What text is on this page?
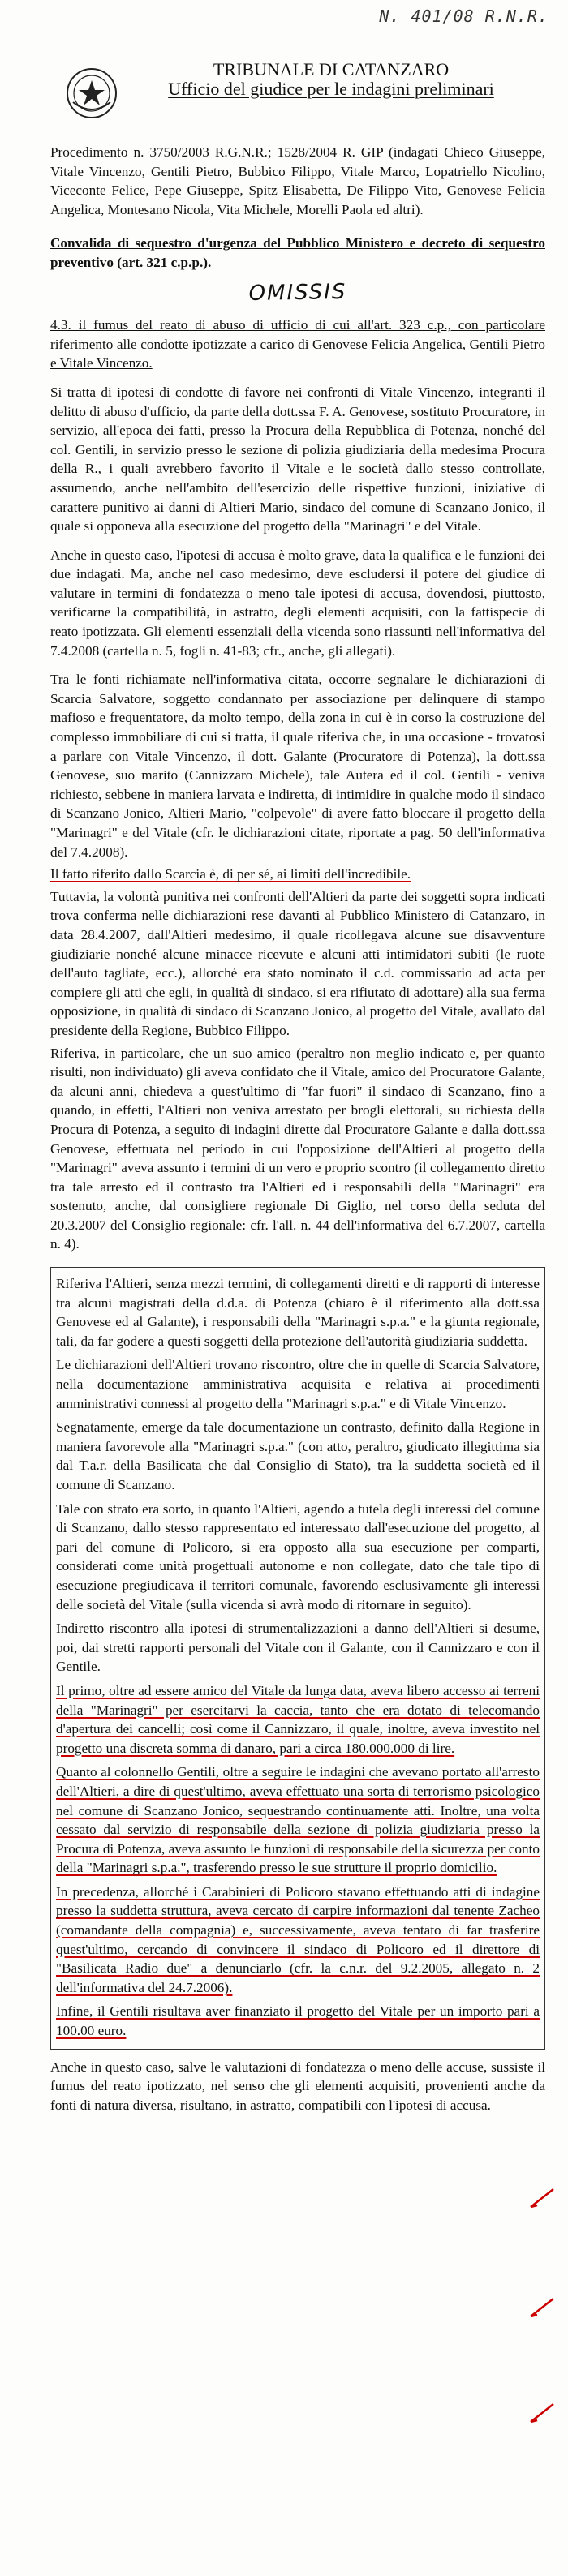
N. 401/08 R.N.R.
TRIBUNALE DI CATANZARO
Ufficio del giudice per le indagini preliminari

Procedimento n. 3750/2003 R.G.N.R.; 1528/2004 R. GIP (indagati Chieco Giuseppe, Vitale Vincenzo, Gentili Pietro, Bubbico Filippo, Vitale Marco, Lopatriello Nicolino, Viceconte Felice, Pepe Giuseppe, Spitz Elisabetta, De Filippo Vito, Genovese Felicia Angelica, Montesano Nicola, Vita Michele, Morelli Paola ed altri).

Convalida di sequestro d'urgenza del Pubblico Ministero e decreto di sequestro preventivo (art. 321 c.p.p.).

OMISSIS

4.3. il fumus del reato di abuso di ufficio di cui all'art. 323 c.p., con particolare riferimento alle condotte ipotizzate a carico di Genovese Felicia Angelica, Gentili Pietro e Vitale Vincenzo.

Si tratta di ipotesi di condotte di favore nei confronti di Vitale Vincenzo, integranti il delitto di abuso d'ufficio, da parte della dott.ssa F. A. Genovese, sostituto Procuratore, in servizio, all'epoca dei fatti, presso la Procura della Repubblica di Potenza, nonché del col. Gentili, in servizio presso le sezione di polizia giudiziaria della medesima Procura della R., i quali avrebbero favorito il Vitale e le società dallo stesso controllate, assumendo, anche nell'ambito dell'esercizio delle rispettive funzioni, iniziative di carattere punitivo ai danni di Altieri Mario, sindaco del comune di Scanzano Jonico, il quale si opponeva alla esecuzione del progetto della "Marinagri" e del Vitale.

Anche in questo caso, l'ipotesi di accusa è molto grave, data la qualifica e le funzioni dei due indagati. Ma, anche nel caso medesimo, deve escludersi il potere del giudice di valutare in termini di fondatezza o meno tale ipotesi di accusa, dovendosi, piuttosto, verificarne la compatibilità, in astratto, degli elementi acquisiti, con la fattispecie di reato ipotizzata. Gli elementi essenziali della vicenda sono riassunti nell'informativa del 7.4.2008 (cartella n. 5, fogli n. 41-83; cfr., anche, gli allegati).

Tra le fonti richiamate nell'informativa citata, occorre segnalare le dichiarazioni di Scarcia Salvatore, soggetto condannato per associazione per delinquere di stampo mafioso e frequentatore, da molto tempo, della zona in cui è in corso la costruzione del complesso immobiliare di cui si tratta, il quale riferiva che, in una occasione - trovatosi a parlare con Vitale Vincenzo, il dott. Galante (Procuratore di Potenza), la dott.ssa Genovese, suo marito (Cannizzaro Michele), tale Autera ed il col. Gentili - veniva richiesto, sebbene in maniera larvata e indiretta, di intimidire in qualche modo il sindaco di Scanzano Jonico, Altieri Mario, "colpevole" di avere fatto bloccare il progetto della "Marinagri" e del Vitale (cfr. le dichiarazioni citate, riportate a pag. 50 dell'informativa del 7.4.2008).

Il fatto riferito dallo Scarcia è, di per sé, ai limiti dell'incredibile.

Tuttavia, la volontà punitiva nei confronti dell'Altieri da parte dei soggetti sopra indicati trova conferma nelle dichiarazioni rese davanti al Pubblico Ministero di Catanzaro, in data 28.4.2007, dall'Altieri medesimo, il quale ricollegava alcune sue disavventure giudiziarie nonché alcune minacce ricevute e alcuni atti intimidatori subiti (le ruote dell'auto tagliate, ecc.), allorché era stato nominato il c.d. commissario ad acta per compiere gli atti che egli, in qualità di sindaco, si era rifiutato di adottare) alla sua ferma opposizione, in qualità di sindaco di Scanzano Jonico, al progetto del Vitale, avallato dal presidente della Regione, Bubbico Filippo.

Riferiva, in particolare, che un suo amico (peraltro non meglio indicato e, per quanto risulti, non individuato) gli aveva confidato che il Vitale, amico del Procuratore Galante, da alcuni anni, chiedeva a quest'ultimo di "far fuori" il sindaco di Scanzano, fino a quando, in effetti, l'Altieri non veniva arrestato per brogli elettorali, su richiesta della Procura di Potenza, a seguito di indagini dirette dal Procuratore Galante e dalla dott.ssa Genovese, effettuata nel periodo in cui l'opposizione dell'Altieri al progetto della "Marinagri" aveva assunto i termini di un vero e proprio scontro (il collegamento diretto tra tale arresto ed il contrasto tra l'Altieri ed i responsabili della "Marinagri" era sostenuto, anche, dal consigliere regionale Di Giglio, nel corso della seduta del 20.3.2007 del Consiglio regionale: cfr. l'all. n. 44 dell'informativa del 6.7.2007, cartella n. 4).

Riferiva l'Altieri, senza mezzi termini, di collegamenti diretti e di rapporti di interesse tra alcuni magistrati della d.d.a. di Potenza (chiaro è il riferimento alla dott.ssa Genovese ed al Galante), i responsabili della "Marinagri s.p.a." e la giunta regionale, tali, da far godere a questi soggetti della protezione dell'autorità giudiziaria suddetta.

Le dichiarazioni dell'Altieri trovano riscontro, oltre che in quelle di Scarcia Salvatore, nella documentazione amministrativa acquisita e relativa ai procedimenti amministrativi connessi al progetto della "Marinagri s.p.a." e di Vitale Vincenzo.

Segnatamente, emerge da tale documentazione un contrasto, definito dalla Regione in maniera favorevole alla "Marinagri s.p.a." (con atto, peraltro, giudicato illegittima sia dal T.a.r. della Basilicata che dal Consiglio di Stato), tra la suddetta società ed il comune di Scanzano.

Tale con strato era sorto, in quanto l'Altieri, agendo a tutela degli interessi del comune di Scanzano, dallo stesso rappresentato ed interessato dall'esecuzione del progetto, al pari del comune di Policoro, si era opposto alla sua esecuzione per comparti, considerati come unità progettuali autonome e non collegate, dato che tale tipo di esecuzione pregiudicava il territori comunale, favorendo esclusivamente gli interessi delle società del Vitale (sulla vicenda si avrà modo di ritornare in seguito).

Indiretto riscontro alla ipotesi di strumentalizzazioni a danno dell'Altieri si desume, poi, dai stretti rapporti personali del Vitale con il Galante, con il Cannizzaro e con il Gentile.

Il primo, oltre ad essere amico del Vitale da lunga data, aveva libero accesso ai terreni della "Marinagri" per esercitarvi la caccia, tanto che era dotato di telecomando d'apertura dei cancelli; così come il Cannizzaro, il quale, inoltre, aveva investito nel progetto una discreta somma di danaro, pari a circa 180.000.000 di lire.

Quanto al colonnello Gentili, oltre a seguire le indagini che avevano portato all'arresto dell'Altieri, a dire di quest'ultimo, aveva effettuato una sorta di terrorismo psicologico nel comune di Scanzano Jonico, sequestrando continuamente atti. Inoltre, una volta cessato dal servizio di responsabile della sezione di polizia giudiziaria presso la Procura di Potenza, aveva assunto le funzioni di responsabile della sicurezza per conto della "Marinagri s.p.a.", trasferendo presso le sue strutture il proprio domicilio.

In precedenza, allorché i Carabinieri di Policoro stavano effettuando atti di indagine presso la suddetta struttura, aveva cercato di carpire informazioni dal tenente Zacheo (comandante della compagnia) e, successivamente, aveva tentato di far trasferire quest'ultimo, cercando di convincere il sindaco di Policoro ed il direttore di "Basilicata Radio due" a denunciarlo (cfr. la c.n.r. del 9.2.2005, allegato n. 2 dell'informativa del 24.7.2006).

Infine, il Gentili risultava aver finanziato il progetto del Vitale per un importo pari a 100.00 euro.

Anche in questo caso, salve le valutazioni di fondatezza o meno delle accuse, sussiste il fumus del reato ipotizzato, nel senso che gli elementi acquisiti, provenienti anche da fonti di natura diversa, risultano, in astratto, compatibili con l'ipotesi di accusa.
